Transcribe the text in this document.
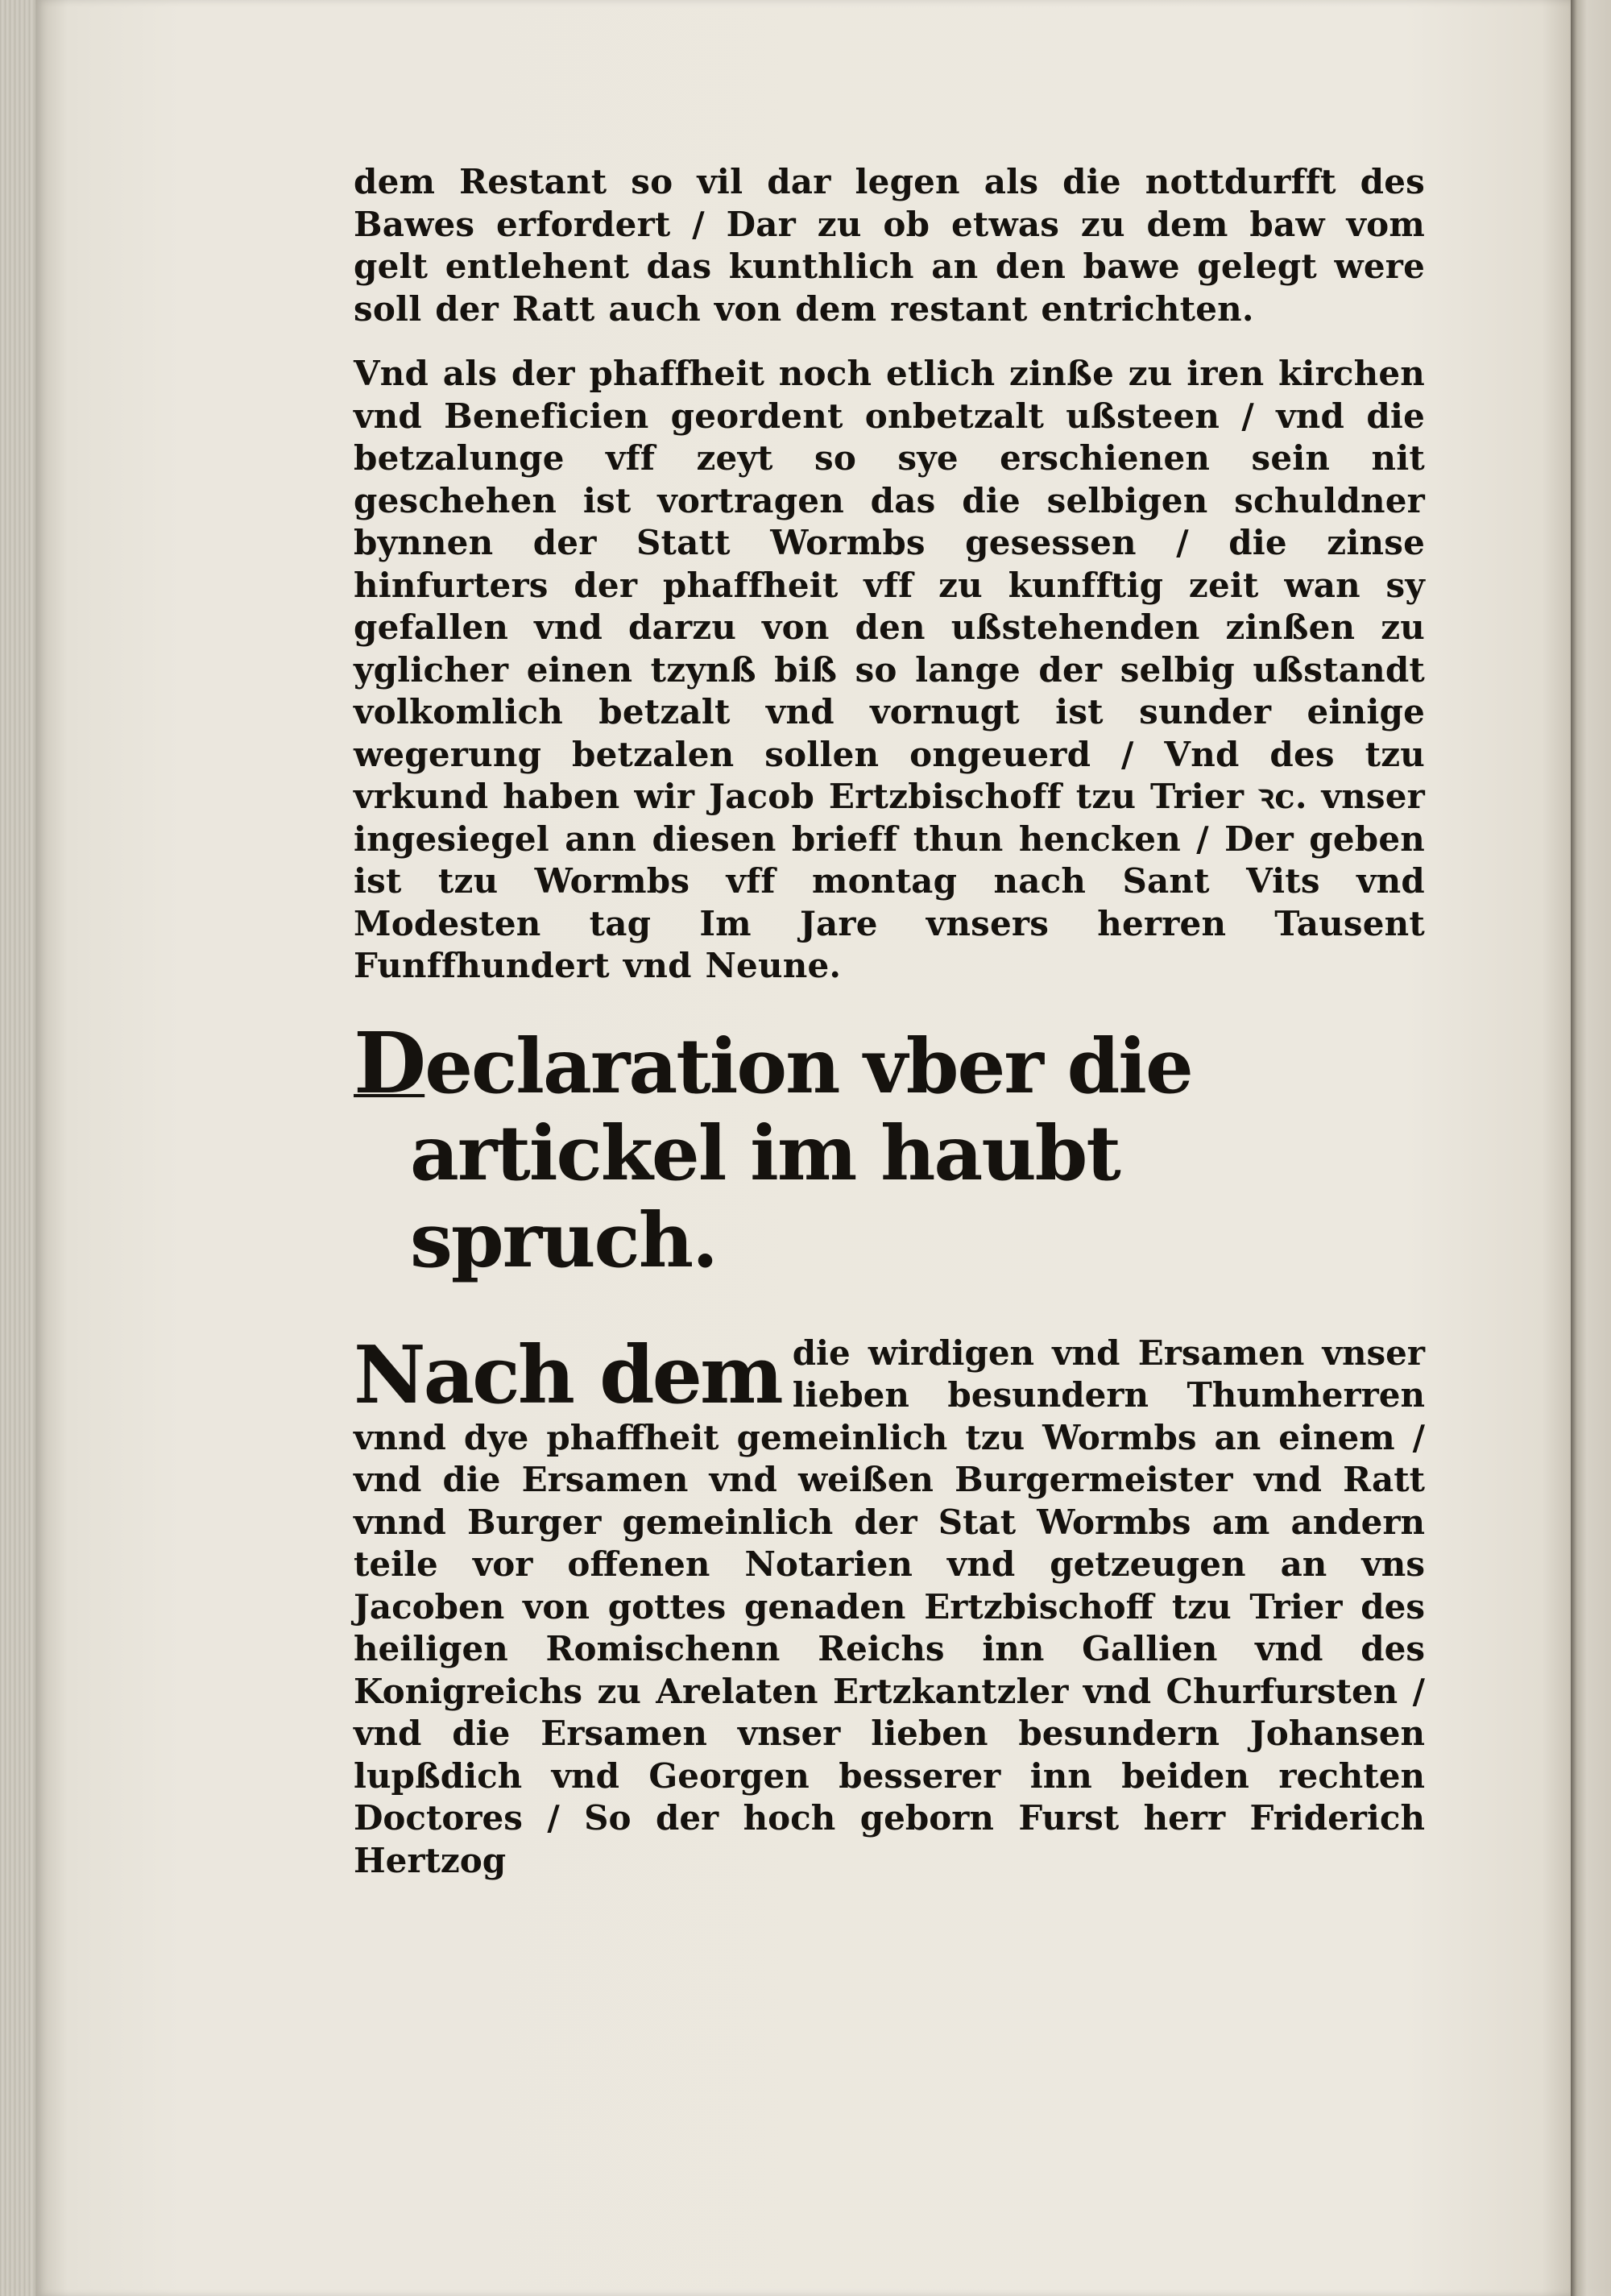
dem Restant so vil dar legen als die nottdurfft des Bawes erfordert / Dar zu ob etwas zu dem baw vom gelt entlehent das kunthlich an den bawe gelegt were soll der Ratt auch von dem restant entrichten.

Vnd als der phaffheit noch etlich zinße zu iren kirchen vnd Beneficien geordent onbetzalt ußsteen / vnd die betzalunge vff zeyt so sye erschienen sein nit geschehen ist vortragen das die selbigen schuldner bynnen der Statt Wormbs gesessen / die zinse hinfurters der phaffheit vff zu kunfftig zeit wan sy gefallen vnd darzu von den ußstehenden zinßen zu yglicher einen tzynß biß so lange der selbig ußstandt volkomlich betzalt vnd vornugt ist sunder einige wegerung betzalen sollen ongeuerd / Vnd des tzu vrkund haben wir Jacob Ertzbischoff tzu Trier ꝛc. vnser ingesiegel ann diesen brieff thun hencken / Der geben ist tzu Wormbs vff montag nach Sant Vits vnd Modesten tag Im Jare vnsers herren Tausent Funffhundert vnd Neune.

Declaration vber die artickel im haubt spruch.

Nach dem die wirdigen vnd Ersamen vnser lieben besundern Thumherren vnnd dye phaffheit gemeinlich tzu Wormbs an einem / vnd die Ersamen vnd weißen Burgermeister vnd Ratt vnnd Burger gemeinlich der Stat Wormbs am andern teile vor offenen Notarien vnd getzeugen an vns Jacoben von gottes genaden Ertzbischoff tzu Trier des heiligen Romischenn Reichs inn Gallien vnd des Konigreichs zu Arelaten Ertzkantzler vnd Churfursten / vnd die Ersamen vnser lieben besundern Johansen lupßdich vnd Georgen besserer inn beiden rechten Doctores / So der hoch geborn Furst herr Friderich Hertzog
